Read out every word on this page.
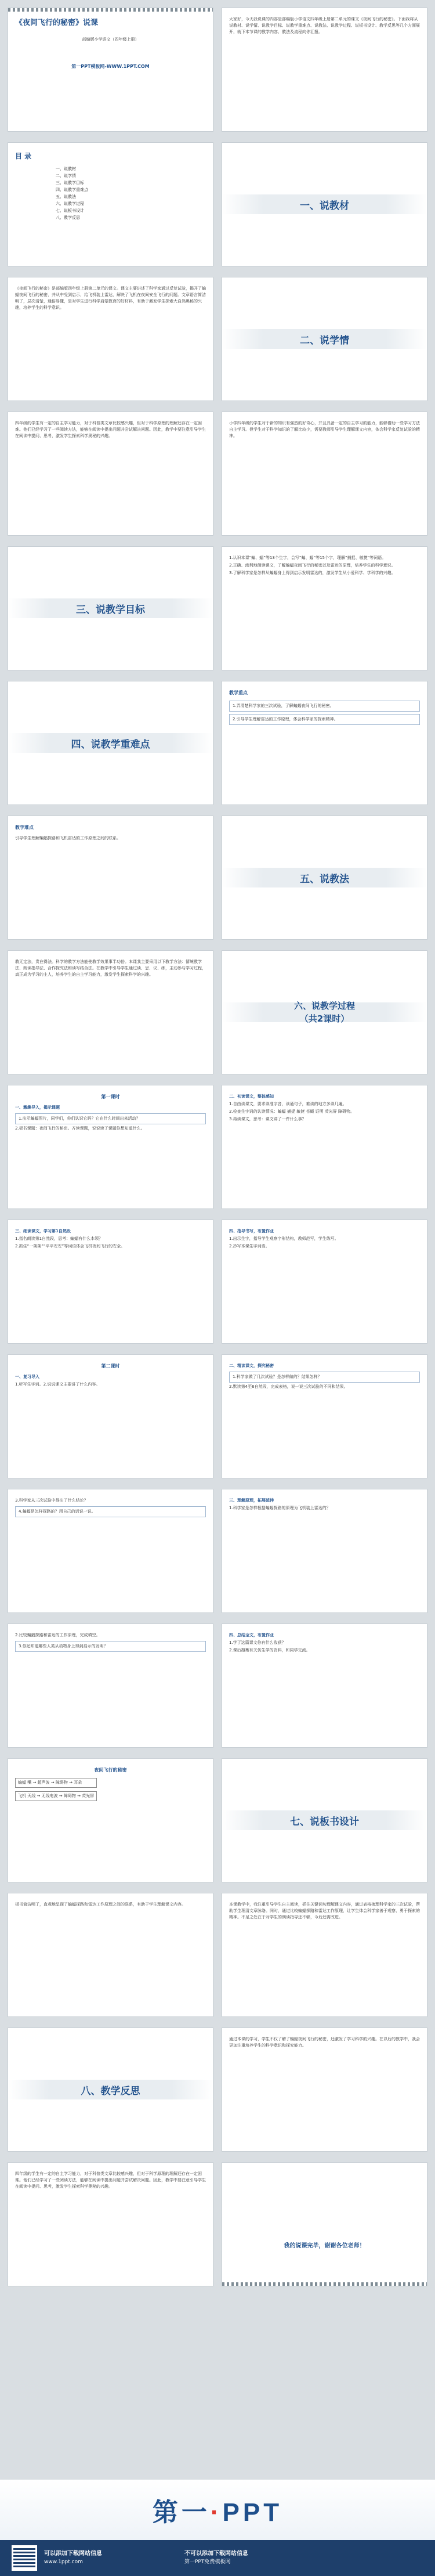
《夜间飞行的秘密》说课
部编版小学语文（四年级上册）
第一PPT模板网-WWW.1PPT.COM

大家好，今天我说课的内容是部编版小学语文四年级上册第二单元的课文《夜间飞行的秘密》。下面我将从说教材、说学情、说教学目标、说教学重难点、说教法、说教学过程、说板书设计、教学反思等几个方面展开，就下本节课的教学内容、教法及流程向你汇报。

目 录
一、说教材
二、说学情
三、说教学目标
四、说教学重难点
五、说教法
六、说教学过程
七、说板书设计
八、教学反思
一、说教材

《夜间飞行的秘密》是部编版四年级上册第二单元的课文。课文主要讲述了科学家通过反复试验，揭开了蝙蝠夜间飞行的秘密，并从中受到启示，给飞机装上雷达，解决了飞机在夜间安全飞行的问题。文章语言简洁明了，层次清楚，通俗易懂，是对学生进行科学启蒙教育的好材料，有助于激发学生探索大自然奥秘的兴趣，培养学生的科学意识。

二、说学情

四年级的学生有一定的自主学习能力，对于科普类文章比较感兴趣，但对于科学原理的理解还存在一定困难。他们已经学习了一些阅读方法，能够在阅读中提出问题并尝试解决问题。因此，教学中要注意引导学生在阅读中提问、思考，激发学生探索科学奥秘的兴趣。

小学四年级的学生对于新的知识有强烈的好奇心，并且具备一定的自主学习的能力，能够借助一些学习方法自主学习。但学生对于科学知识的了解比较少，需要教师引导学生理解课文内容，体会科学家反复试验的精神。

三、说教学目标

1.认识本课“蝙、蝠”等13个生字，会写“蝙、蝠”等15个字，理解“捕捉、敏捷”等词语。

2.正确、流利地朗读课文，了解蝙蝠夜间飞行的秘密以及雷达的原理，培养学生的科学意识。

3.了解科学家是怎样从蝙蝠身上得到启示发明雷达的，激发学生从小爱科学、学科学的兴趣。

四、说教学重难点
教学重点

1.弄清楚科学家的三次试验，了解蝙蝠夜间飞行的秘密。

2.引导学生理解雷达的工作原理，体会科学家的探索精神。

教学难点

引导学生理解蝙蝠探路和飞机雷达的工作原理之间的联系。

五、说教法

教无定法，贵在得法。科学的教学方法能使教学效果事半功倍。本课我主要采用以下教学方法：情境教学法、朗读指导法、合作探究法和读写结合法。在教学中引导学生通过读、思、议、练，主动参与学习过程，真正成为学习的主人，培养学生的自主学习能力，激发学生探索科学的兴趣。

六、说教学过程
（共2课时）
第一课时

一、激趣导入，揭示课题

1.出示蝙蝠图片，同学们，你们认识它吗？它在什么时间出来活动？

2.板书课题：夜间飞行的秘密。齐读课题，说说读了课题你想知道什么。

二、初读课文，整体感知

1.自由读课文，要求读准字音，读通句子，难读的地方多读几遍。

2.检查生字词的认读情况：蝙蝠 捕捉 敏捷 苍蝇 证明 荧光屏 障碍物。

3.再读课文，思考：课文讲了一件什么事？

三、细读课文，学习第1自然段

1.指名朗读第1自然段，思考：蝙蝠有什么本领？

2.抓住“一架架”“平平安安”等词语体会飞机夜间飞行的安全。

四、指导书写，布置作业

1.出示生字，指导学生观察字形结构，教师范写，学生练写。

2.抄写本课生字词语。

第二课时

一、复习导入

1.听写生字词。2.说说课文主要讲了什么内容。

二、精读课文，探究秘密

1.科学家做了几次试验？是怎样做的？结果怎样？

2.默读第4至6自然段，完成表格，说一说三次试验的不同和结果。

3.科学家从三次试验中得出了什么结论？

4.蝙蝠是怎样探路的？用自己的话说一说。

三、理解原理，拓展延伸

1.科学家是怎样根据蝙蝠探路的原理为飞机装上雷达的？

2.比较蝙蝠探路和雷达的工作原理，完成填空。

3.你还知道哪些人类从动物身上得到启示的发明？

四、总结全文，布置作业

1.学了这篇课文你有什么收获？

2.课后搜集有关仿生学的资料，和同学交流。

夜间飞行的秘密
蝙蝠 嘴 → 超声波 → 障碍物 → 耳朵
飞机 天线 → 无线电波 → 障碍物 → 荧光屏
七、说板书设计

板书简洁明了，直观地呈现了蝙蝠探路和雷达工作原理之间的联系，有助于学生理解课文内容。	本课教学中，我注重引导学生自主阅读，抓住关键词句理解课文内容，通过表格梳理科学家的三次试验，帮助学生理清文章脉络。同时，通过比较蝙蝠探路和雷达工作原理，让学生体会科学家善于观察、勇于探索的精神。不足之处在于对学生的朗读指导还不够，今后还需改进。

八、教学反思

通过本课的学习，学生不仅了解了蝙蝠夜间飞行的秘密，还激发了学习科学的兴趣。在以后的教学中，我会更加注重培养学生的科学意识和探究能力。

四年级的学生有一定的自主学习能力，对于科普类文章比较感兴趣，但对于科学原理的理解还存在一定困难。他们已经学习了一些阅读方法，能够在阅读中提出问题并尝试解决问题。因此，教学中要注意引导学生在阅读中提问、思考，激发学生探索科学奥秘的兴趣。

我的说课完毕，谢谢各位老师！
第一·PPT
可以添加下载网站信息
www.1ppt.com
不可以添加下载网站信息
第一PPT免费模板网
